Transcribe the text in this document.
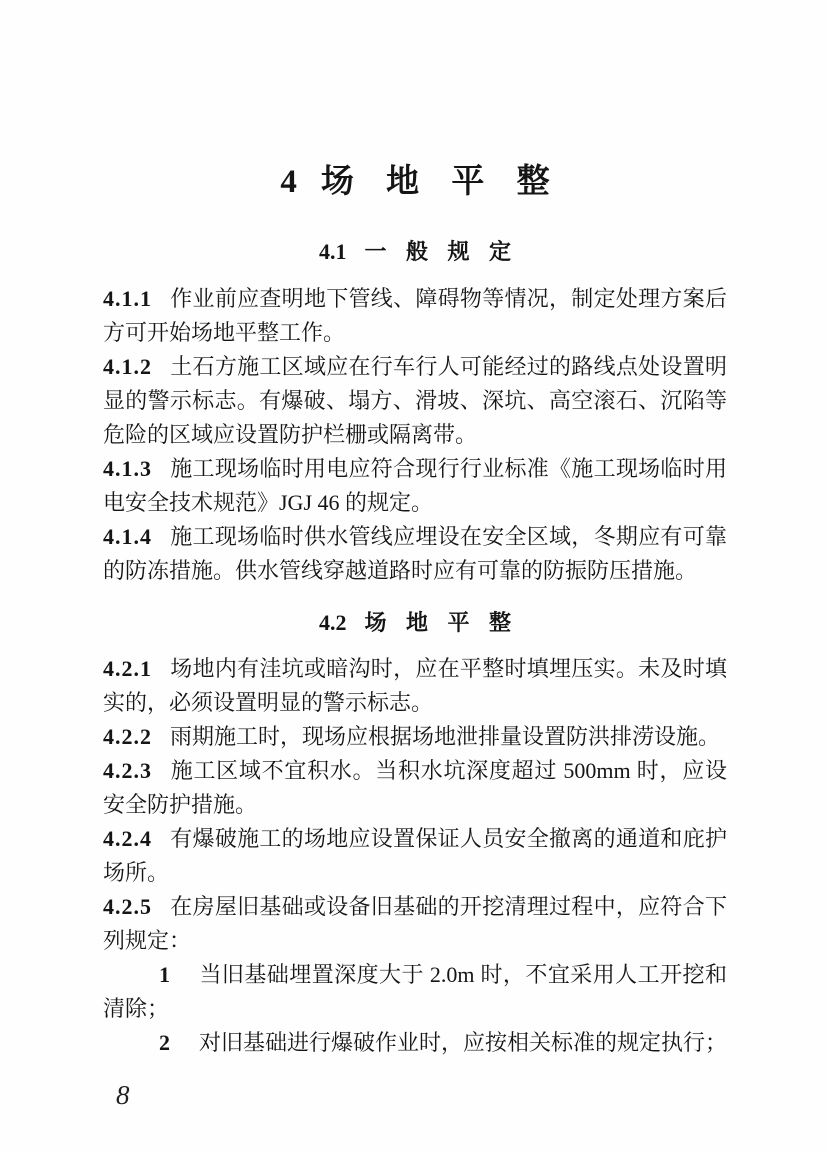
4 场 地 平 整
4.1 一 般 规 定

4.1.1 作业前应查明地下管线、障碍物等情况，制定处理方案后方可开始场地平整工作。

4.1.2 土石方施工区域应在行车行人可能经过的路线点处设置明显的警示标志。有爆破、塌方、滑坡、深坑、高空滚石、沉陷等危险的区域应设置防护栏栅或隔离带。

4.1.3 施工现场临时用电应符合现行行业标准《施工现场临时用电安全技术规范》JGJ 46 的规定。

4.1.4 施工现场临时供水管线应埋设在安全区域，冬期应有可靠的防冻措施。供水管线穿越道路时应有可靠的防振防压措施。

4.2 场 地 平 整

4.2.1 场地内有洼坑或暗沟时，应在平整时填埋压实。未及时填实的，必须设置明显的警示标志。

4.2.2 雨期施工时，现场应根据场地泄排量设置防洪排涝设施。

4.2.3 施工区域不宜积水。当积水坑深度超过 500mm 时，应设安全防护措施。

4.2.4 有爆破施工的场地应设置保证人员安全撤离的通道和庇护场所。

4.2.5 在房屋旧基础或设备旧基础的开挖清理过程中，应符合下列规定：

1 当旧基础埋置深度大于 2.0m 时，不宜采用人工开挖和清除；

2 对旧基础进行爆破作业时，应按相关标准的规定执行；

8
